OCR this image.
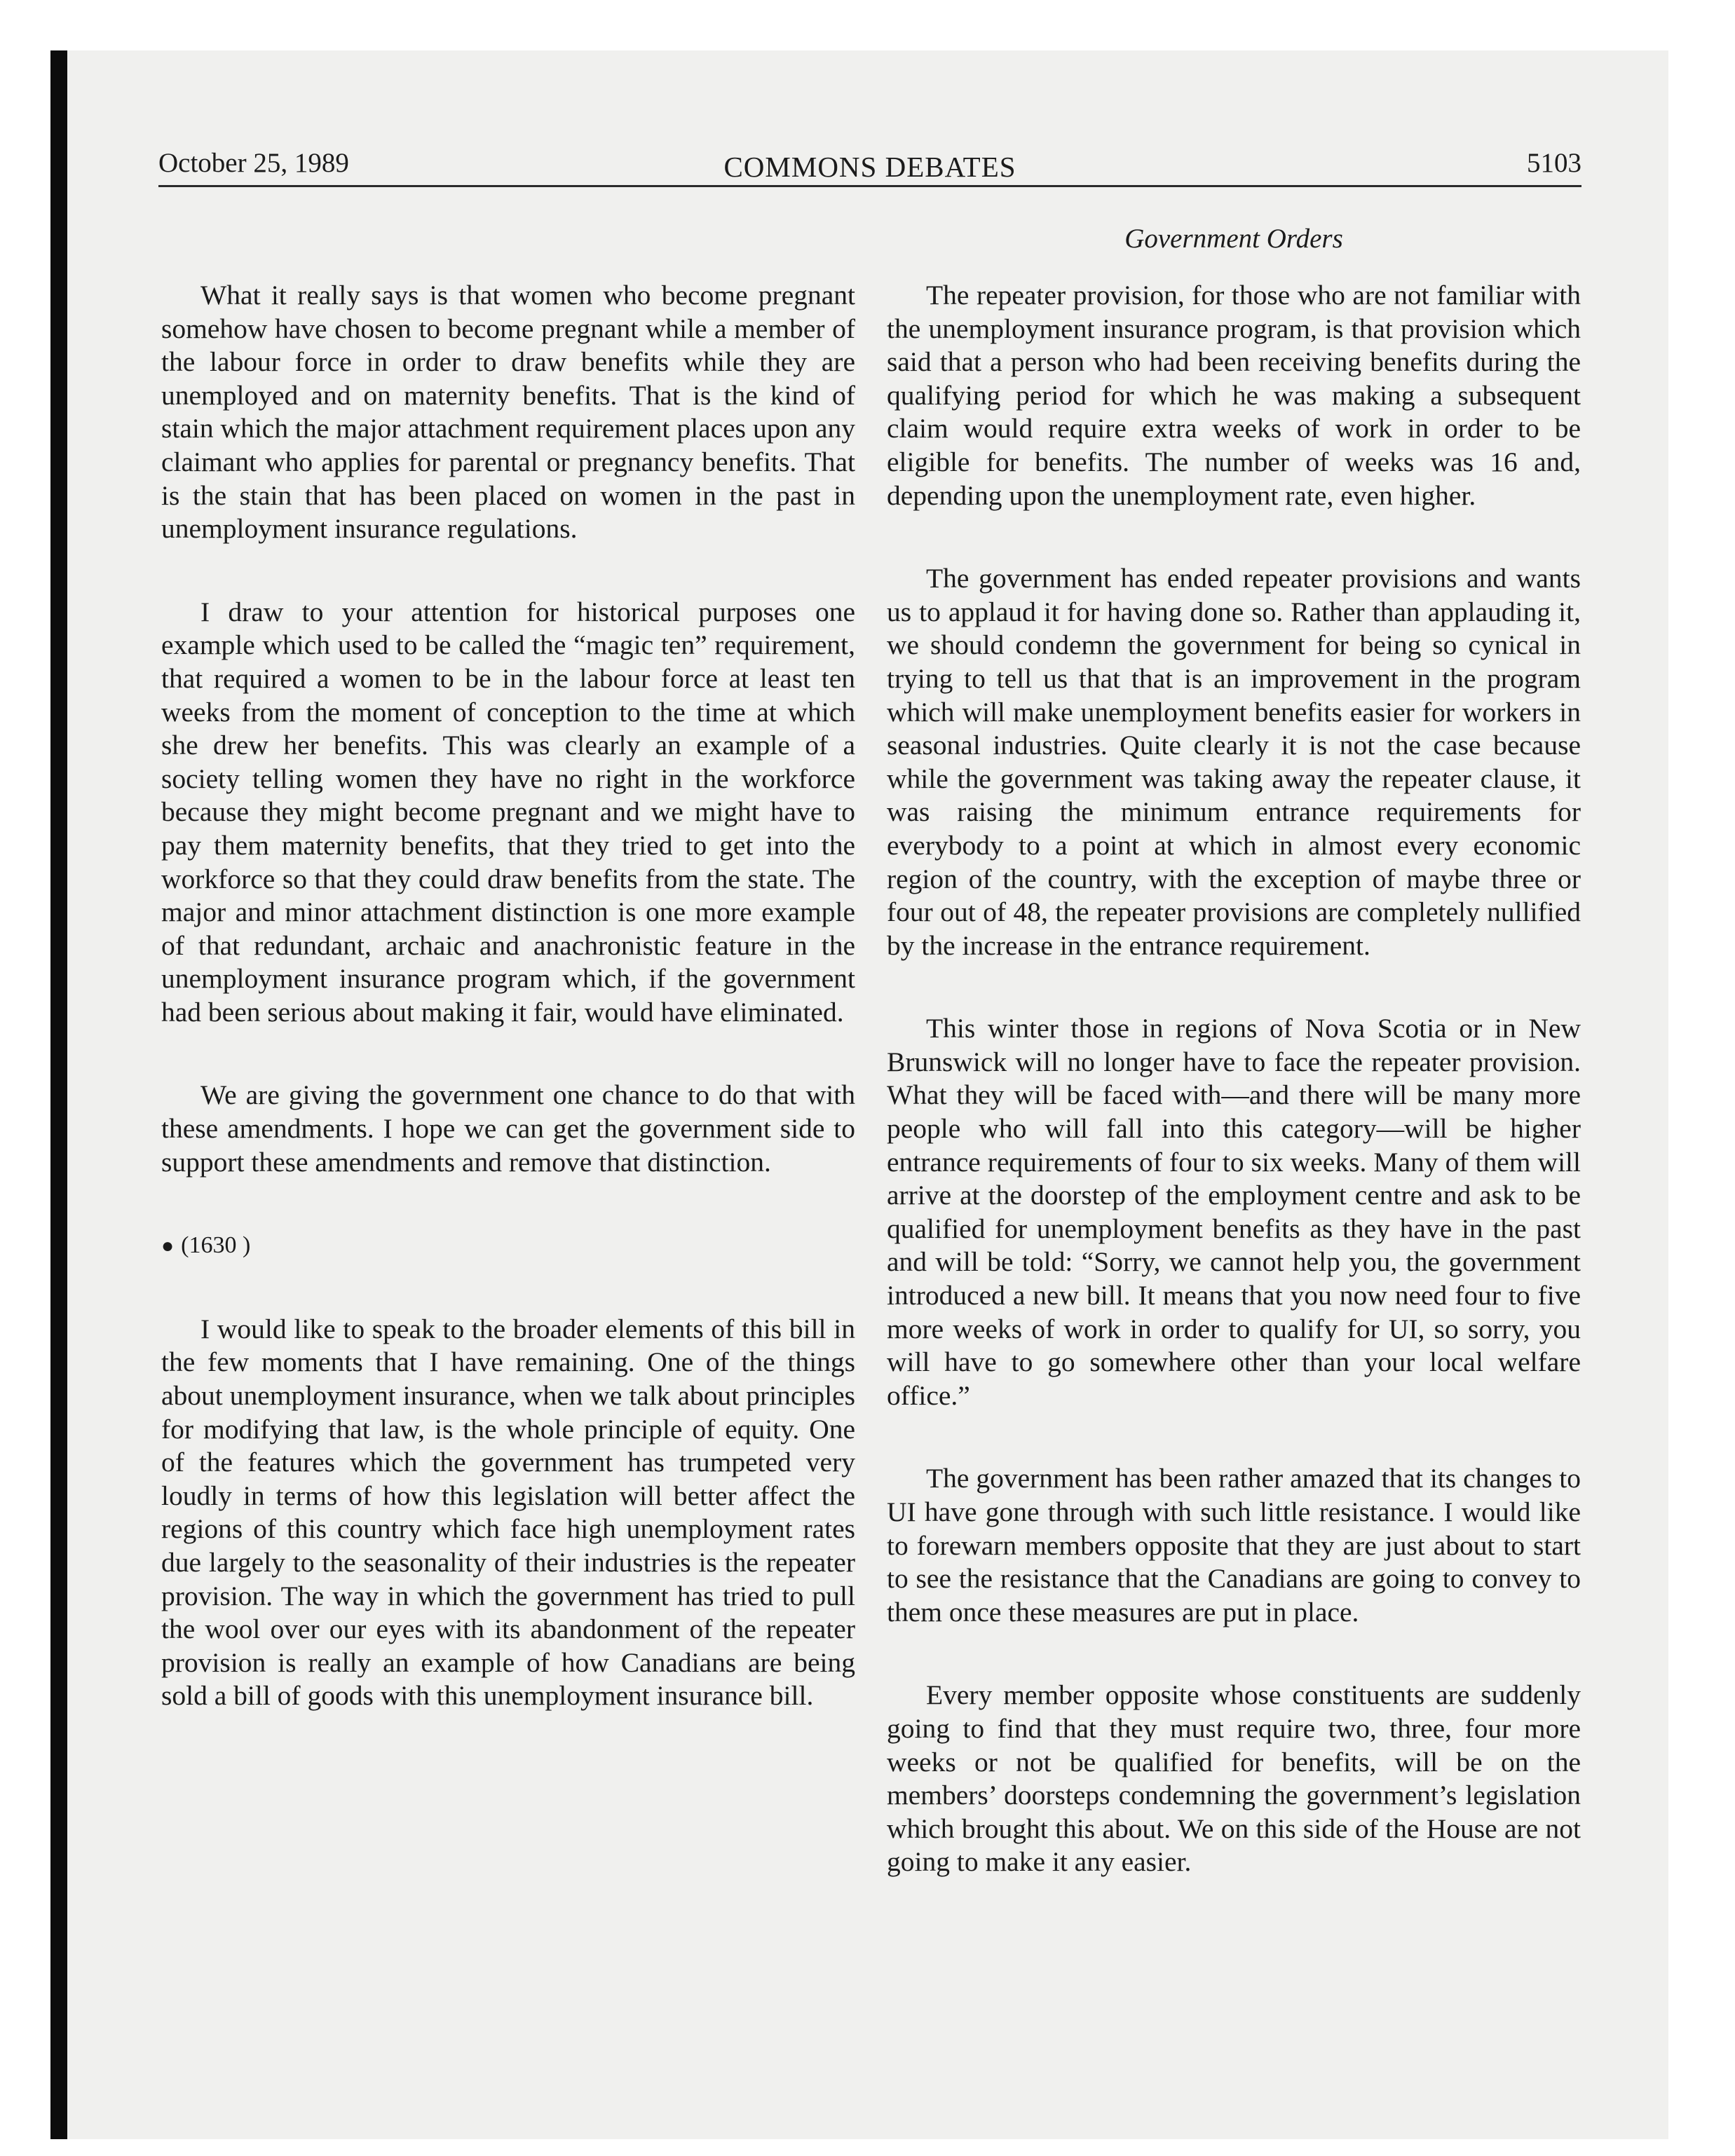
October 25, 1989	COMMONS DEBATES	5103
Government Orders

What it really says is that women who become pregnant somehow have chosen to become pregnant while a member of the labour force in order to draw benefits while they are unemployed and on maternity benefits. That is the kind of stain which the major attachment requirement places upon any claimant who applies for parental or pregnancy benefits. That is the stain that has been placed on women in the past in unemployment insurance regulations.

I draw to your attention for historical purposes one example which used to be called the “magic ten” requirement, that required a women to be in the labour force at least ten weeks from the moment of conception to the time at which she drew her benefits. This was clearly an example of a society telling women they have no right in the workforce because they might become pregnant and we might have to pay them maternity benefits, that they tried to get into the workforce so that they could draw benefits from the state. The major and minor attachment distinction is one more example of that redundant, archaic and anachronistic feature in the unemployment insurance program which, if the government had been serious about making it fair, would have eliminated.

We are giving the government one chance to do that with these amendments. I hope we can get the government side to support these amendments and remove that distinction.

● (1630 )

I would like to speak to the broader elements of this bill in the few moments that I have remaining. One of the things about unemployment insurance, when we talk about principles for modifying that law, is the whole principle of equity. One of the features which the government has trumpeted very loudly in terms of how this legislation will better affect the regions of this country which face high unemployment rates due largely to the seasonality of their industries is the repeater provision. The way in which the government has tried to pull the wool over our eyes with its abandonment of the repeater provision is really an example of how Canadians are being sold a bill of goods with this unemployment insurance bill.

The repeater provision, for those who are not familiar with the unemployment insurance program, is that provision which said that a person who had been receiving benefits during the qualifying period for which he was making a subsequent claim would require extra weeks of work in order to be eligible for benefits. The number of weeks was 16 and, depending upon the unemployment rate, even higher.

The government has ended repeater provisions and wants us to applaud it for having done so. Rather than applauding it, we should condemn the government for being so cynical in trying to tell us that that is an improvement in the program which will make unemployment benefits easier for workers in seasonal industries. Quite clearly it is not the case because while the government was taking away the repeater clause, it was raising the minimum entrance requirements for everybody to a point at which in almost every economic region of the country, with the exception of maybe three or four out of 48, the repeater provisions are completely nullified by the increase in the entrance requirement.

This winter those in regions of Nova Scotia or in New Brunswick will no longer have to face the repeater provision. What they will be faced with—and there will be many more people who will fall into this category—will be higher entrance requirements of four to six weeks. Many of them will arrive at the doorstep of the employment centre and ask to be qualified for unemployment benefits as they have in the past and will be told: “Sorry, we cannot help you, the government introduced a new bill. It means that you now need four to five more weeks of work in order to qualify for UI, so sorry, you will have to go somewhere other than your local welfare office.”

The government has been rather amazed that its changes to UI have gone through with such little resistance. I would like to forewarn members opposite that they are just about to start to see the resistance that the Canadians are going to convey to them once these measures are put in place.

Every member opposite whose constituents are suddenly going to find that they must require two, three, four more weeks or not be qualified for benefits, will be on the members’ doorsteps condemning the government’s legislation which brought this about. We on this side of the House are not going to make it any easier.
